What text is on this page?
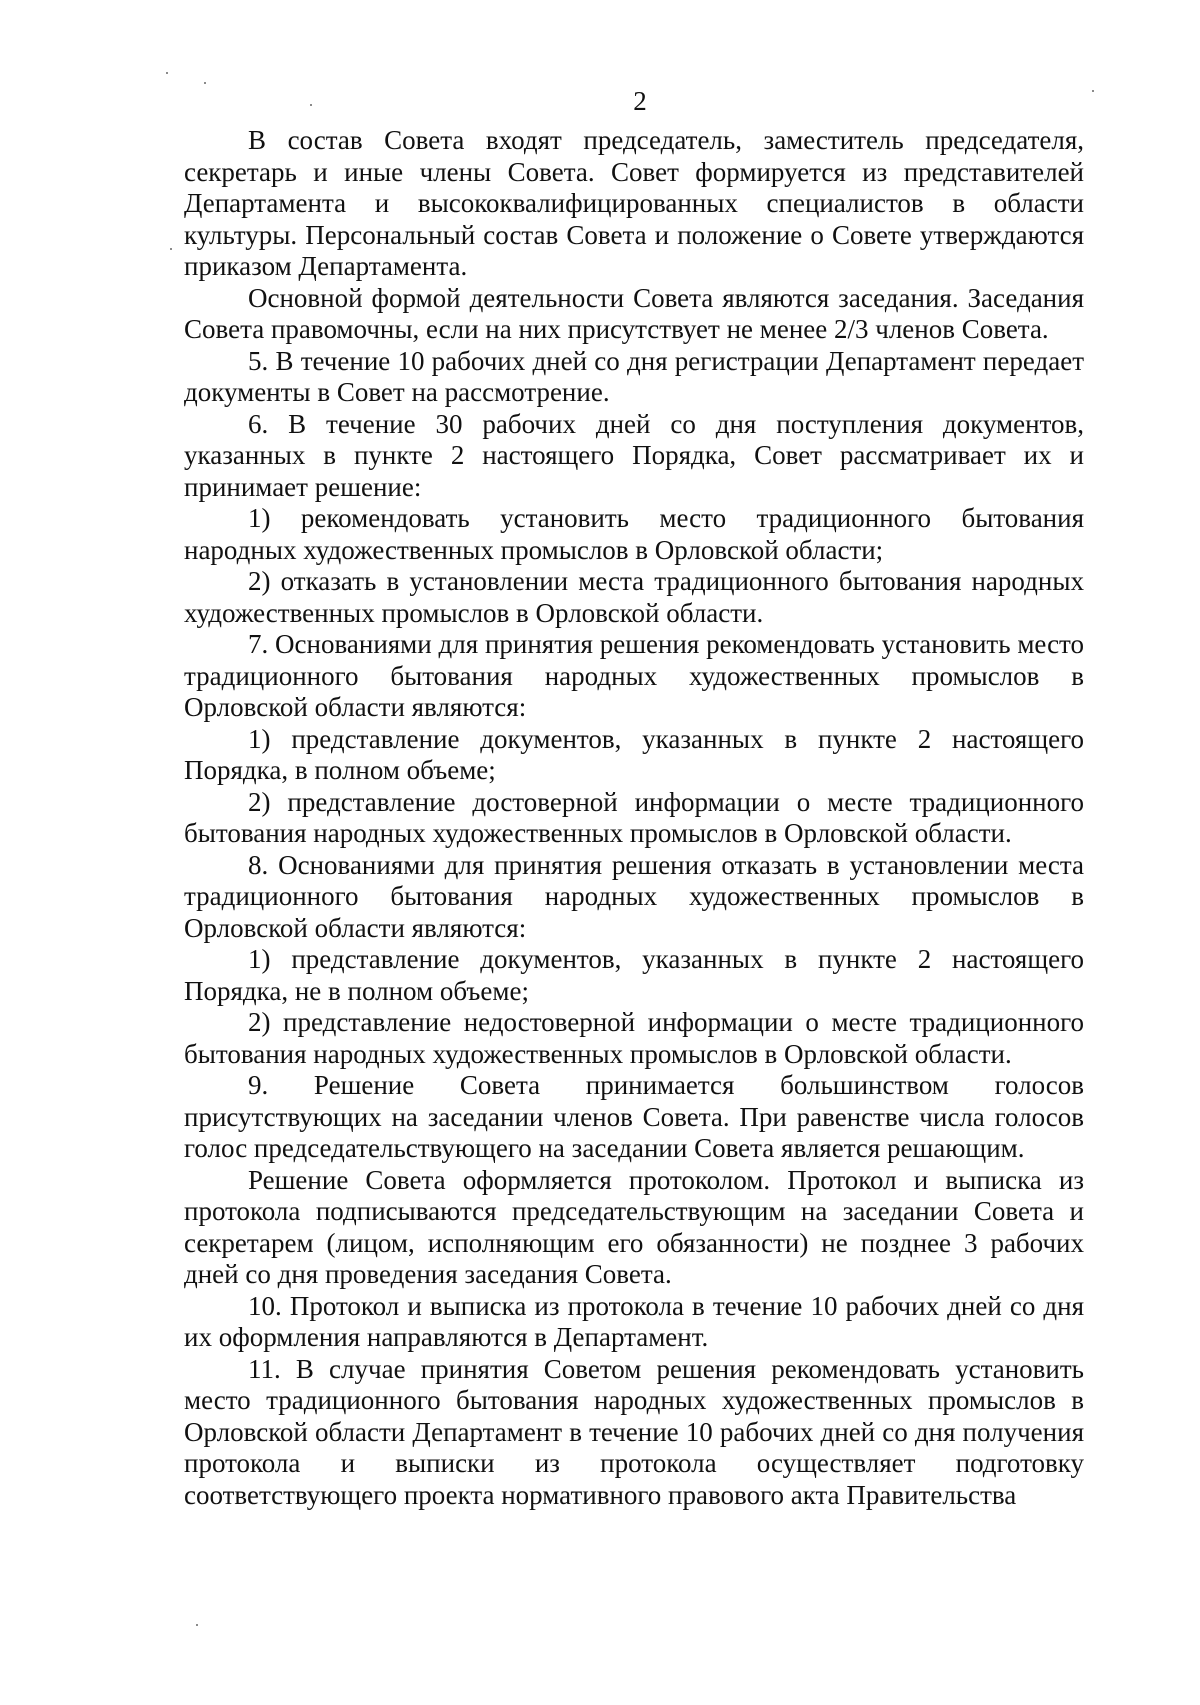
2

В состав Совета входят председатель, заместитель председателя, секретарь и иные члены Совета. Совет формируется из представителей Департамента и высококвалифицированных специалистов в области культуры. Персональный состав Совета и положение о Совете утверждаются приказом Департамента.

Основной формой деятельности Совета являются заседания. Заседания Совета правомочны, если на них присутствует не менее 2/3 членов Совета.

5. В течение 10 рабочих дней со дня регистрации Департамент передает документы в Совет на рассмотрение.

6. В течение 30 рабочих дней со дня поступления документов, указанных в пункте 2 настоящего Порядка, Совет рассматривает их и принимает решение:

1) рекомендовать установить место традиционного бытования народных художественных промыслов в Орловской области;

2) отказать в установлении места традиционного бытования народных художественных промыслов в Орловской области.

7. Основаниями для принятия решения рекомендовать установить место традиционного бытования народных художественных промыслов в Орловской области являются:

1) представление документов, указанных в пункте 2 настоящего Порядка, в полном объеме;

2) представление достоверной информации о месте традиционного бытования народных художественных промыслов в Орловской области.

8. Основаниями для принятия решения отказать в установлении места традиционного бытования народных художественных промыслов в Орловской области являются:

1) представление документов, указанных в пункте 2 настоящего Порядка, не в полном объеме;

2) представление недостоверной информации о месте традиционного бытования народных художественных промыслов в Орловской области.

9. Решение Совета принимается большинством голосов присутствующих на заседании членов Совета. При равенстве числа голосов голос председательствующего на заседании Совета является решающим.

Решение Совета оформляется протоколом. Протокол и выписка из протокола подписываются председательствующим на заседании Совета и секретарем (лицом, исполняющим его обязанности) не позднее 3 рабочих дней со дня проведения заседания Совета.

10. Протокол и выписка из протокола в течение 10 рабочих дней со дня их оформления направляются в Департамент.

11. В случае принятия Советом решения рекомендовать установить место традиционного бытования народных художественных промыслов в Орловской области Департамент в течение 10 рабочих дней со дня получения протокола и выписки из протокола осуществляет подготовку соответствующего проекта нормативного правового акта Правительства
